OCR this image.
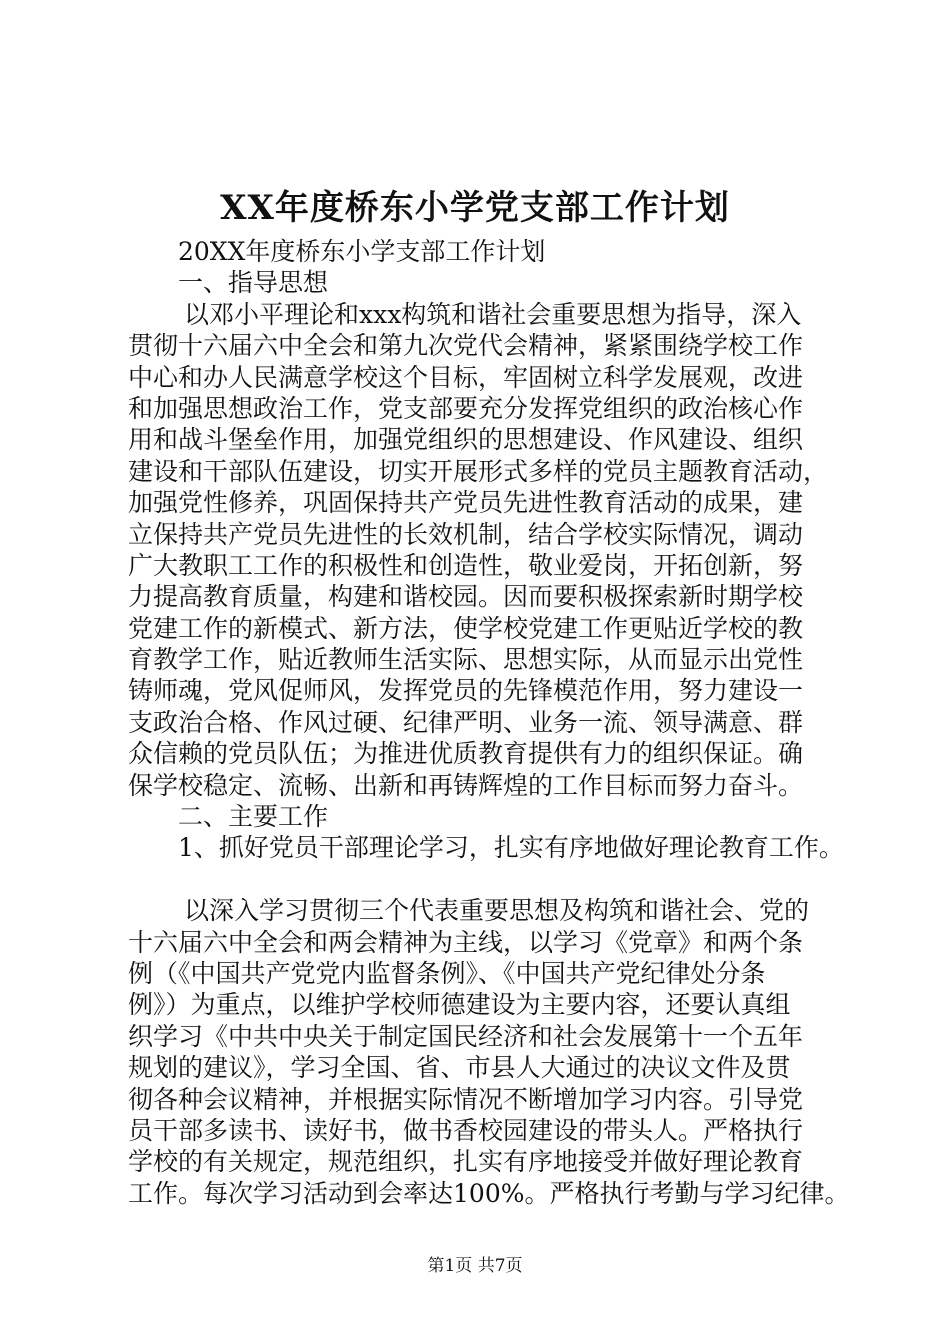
XX年度桥东小学党支部工作计划
20XX年度桥东小学支部工作计划
一、指导思想
以邓小平理论和xxx构筑和谐社会重要思想为指导，深入
贯彻十六届六中全会和第九次党代会精神，紧紧围绕学校工作
中心和办人民满意学校这个目标，牢固树立科学发展观，改进
和加强思想政治工作，党支部要充分发挥党组织的政治核心作
用和战斗堡垒作用，加强党组织的思想建设、作风建设、组织
建设和干部队伍建设，切实开展形式多样的党员主题教育活动，
加强党性修养，巩固保持共产党员先进性教育活动的成果，建
立保持共产党员先进性的长效机制，结合学校实际情况，调动
广大教职工工作的积极性和创造性，敬业爱岗，开拓创新，努
力提高教育质量，构建和谐校园。因而要积极探索新时期学校
党建工作的新模式、新方法，使学校党建工作更贴近学校的教
育教学工作，贴近教师生活实际、思想实际，从而显示出党性
铸师魂，党风促师风，发挥党员的先锋模范作用，努力建设一
支政治合格、作风过硬、纪律严明、业务一流、领导满意、群
众信赖的党员队伍；为推进优质教育提供有力的组织保证。确
保学校稳定、流畅、出新和再铸辉煌的工作目标而努力奋斗。
二、主要工作
1、抓好党员干部理论学习，扎实有序地做好理论教育工作。
以深入学习贯彻三个代表重要思想及构筑和谐社会、党的
十六届六中全会和两会精神为主线，以学习《党章》和两个条
例（《中国共产党党内监督条例》、《中国共产党纪律处分条
例》）为重点，以维护学校师德建设为主要内容，还要认真组
织学习《中共中央关于制定国民经济和社会发展第十一个五年
规划的建议》，学习全国、省、市县人大通过的决议文件及贯
彻各种会议精神，并根据实际情况不断增加学习内容。引导党
员干部多读书、读好书，做书香校园建设的带头人。严格执行
学校的有关规定，规范组织，扎实有序地接受并做好理论教育
工作。每次学习活动到会率达100%。严格执行考勤与学习纪律。
第1页 共7页
